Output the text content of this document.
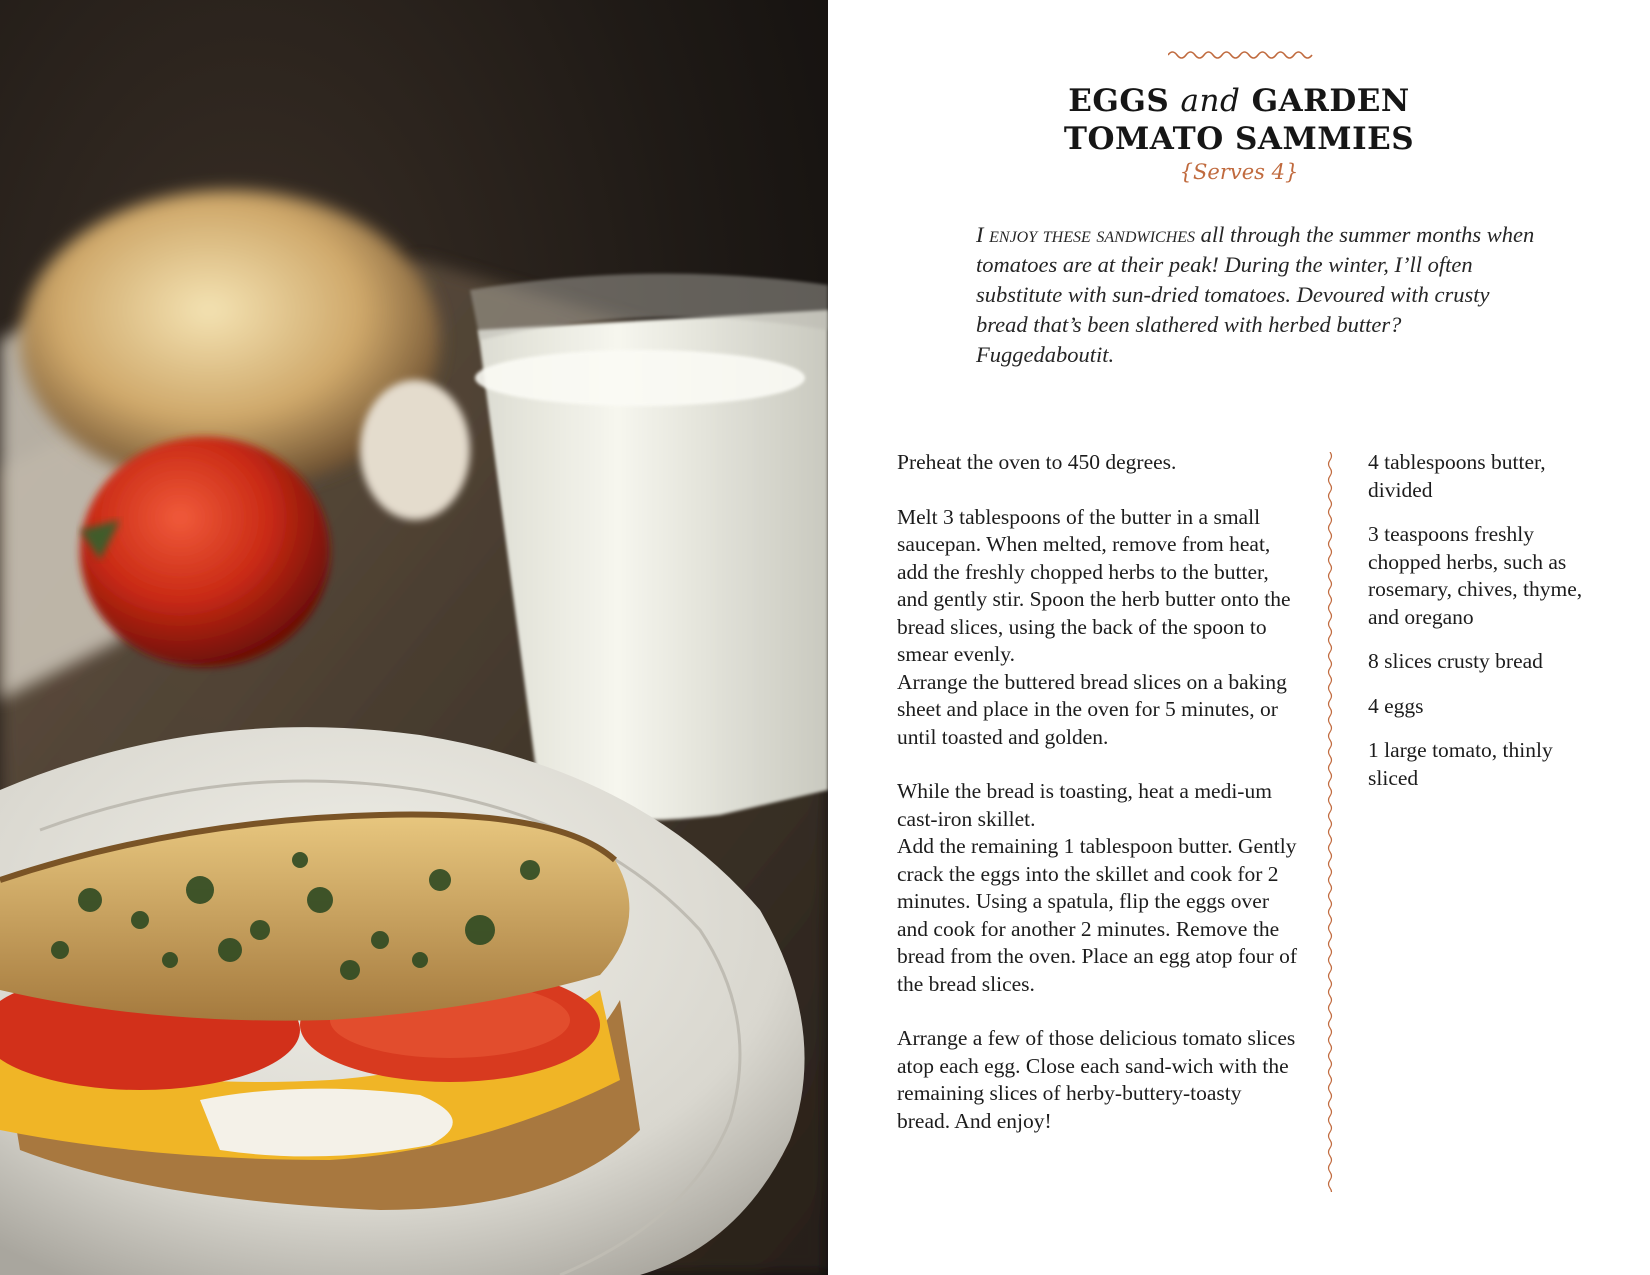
EGGS and GARDEN
TOMATO SAMMIES
{Serves 4}
I enjoy these sandwiches all through the summer months when tomatoes are at their peak! During the winter, I’ll often substitute with sun-dried tomatoes. Devoured with crusty bread that’s been slathered with herbed butter? Fuggedaboutit.

Preheat the oven to 450 degrees.

Melt 3 tablespoons of the butter in a small saucepan. When melted, remove from heat, add the freshly chopped herbs to the butter, and gently stir. Spoon the herb butter onto the bread slices, using the back of the spoon to smear evenly.

Arrange the buttered bread slices on a baking sheet and place in the oven for 5 minutes, or until toasted and golden.

While the bread is toasting, heat a medi-um cast-iron skillet.

Add the remaining 1 tablespoon butter. Gently crack the eggs into the skillet and cook for 2 minutes. Using a spatula, flip the eggs over and cook for another 2 minutes. Remove the bread from the oven. Place an egg atop four of the bread slices.

Arrange a few of those delicious tomato slices atop each egg. Close each sand-wich with the remaining slices of herby-buttery-toasty bread. And enjoy!

4 tablespoons butter, divided
3 teaspoons freshly chopped herbs, such as rosemary, chives, thyme, and oregano
8 slices crusty bread
4 eggs
1 large tomato, thinly sliced
